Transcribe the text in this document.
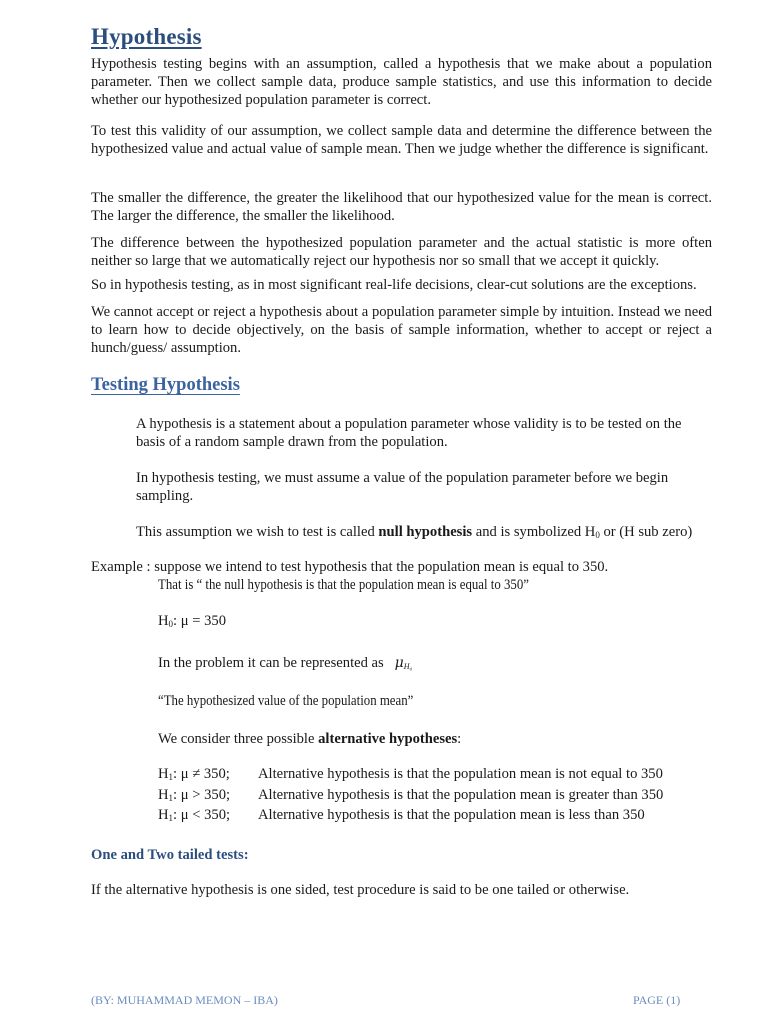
Hypothesis
Hypothesis testing begins with an assumption, called a hypothesis that we make about a population parameter. Then we collect sample data, produce sample statistics, and use this information to decide whether our hypothesized population parameter is correct.
To test this validity of our assumption, we collect sample data and determine the difference between the hypothesized value and actual value of sample mean. Then we judge whether the difference is significant.
The smaller the difference, the greater the likelihood that our hypothesized value for the mean is correct. The larger the difference, the smaller the likelihood.
The difference between the hypothesized population parameter and the actual statistic is more often neither so large that we automatically reject our hypothesis nor so small that we accept it quickly.
So in hypothesis testing, as in most significant real-life decisions, clear-cut solutions are the exceptions.
We cannot accept or reject a hypothesis about a population parameter simple by intuition. Instead we need to learn how to decide objectively, on the basis of sample information, whether to accept or reject a hunch/guess/ assumption.
Testing Hypothesis
A hypothesis is a statement about a population parameter whose validity is to be tested on the basis of a random sample drawn from the population.
In hypothesis testing, we must assume a value of the population parameter before we begin sampling.
This assumption we wish to test is called null hypothesis and is symbolized $H_0$ or (H sub zero)
Example : suppose we intend to test hypothesis that the population mean is equal to 350.
That is “ the null hypothesis is that the population mean is equal to 350”
$H_0$: μ = 350
In the problem it can be represented as $\mu_{H_0}$
“The hypothesized value of the population mean”
We consider three possible alternative hypotheses:
$H_1$: μ ≠ 350; Alternative hypothesis is that the population mean is not equal to 350
$H_1$: μ > 350; Alternative hypothesis is that the population mean is greater than 350
$H_1$: μ < 350; Alternative hypothesis is that the population mean is less than 350
One and Two tailed tests:
If the alternative hypothesis is one sided, test procedure is said to be one tailed or otherwise.
(BY: MUHAMMAD MEMON – IBA)	PAGE (1)
